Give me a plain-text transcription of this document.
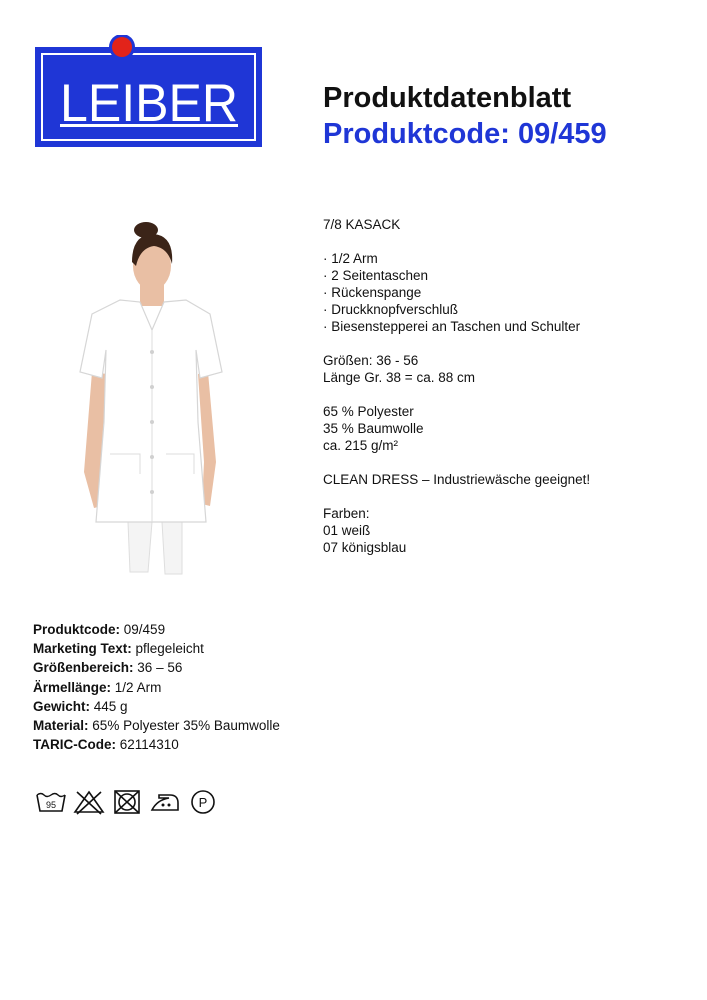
LEIBER	Produktdatenblatt
Produktcode: 09/459
7/8 KASACK
· 1/2 Arm
· 2 Seitentaschen
· Rückenspange
· Druckknopfverschluß
· Biesenstepperei an Taschen und Schulter
Größen: 36 - 56
Länge Gr. 38 = ca. 88 cm
65 % Polyester
35 % Baumwolle
ca. 215 g/m²
CLEAN DRESS – Industriewäsche geeignet!
Farben:
01 weiß
07 königsblau
Produktcode: 09/459
Marketing Text: pflegeleicht
Größenbereich: 36 – 56
Ärmellänge: 1/2 Arm
Gewicht: 445 g
Material: 65% Polyester 35% Baumwolle
TARIC-Code: 62114310
95	P
